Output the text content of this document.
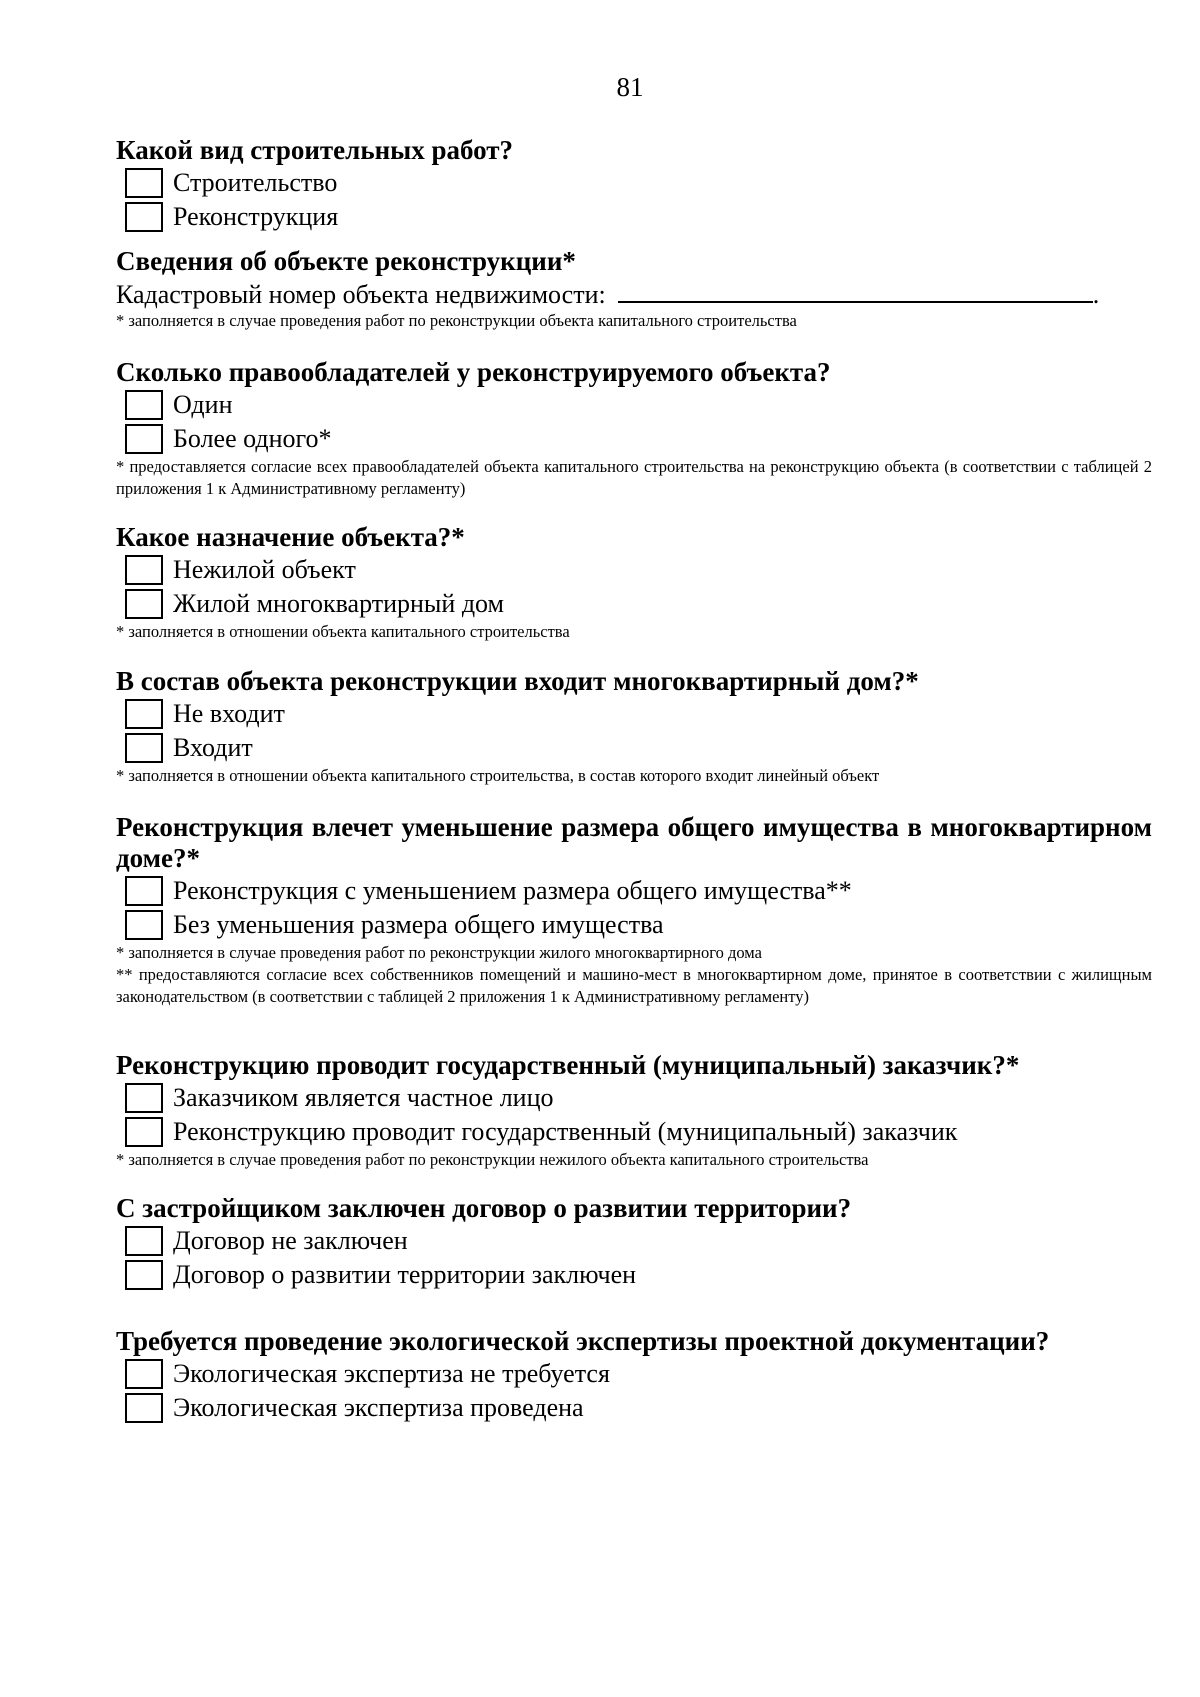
81

Какой вид строительных работ?

Строительство
Реконструкция

Сведения об объекте реконструкции*

Кадастровый номер объекта недвижимости:	.

* заполняется в случае проведения работ по реконструкции объекта капитального строительства

Сколько правообладателей у реконструируемого объекта?

Один
Более одного*

* предоставляется согласие всех правообладателей объекта капитального строительства на реконструкцию объекта (в соответствии с таблицей 2 приложения 1 к Административному регламенту)

Какое назначение объекта?*

Нежилой объект
Жилой многоквартирный дом

* заполняется в отношении объекта капитального строительства

В состав объекта реконструкции входит многоквартирный дом?*

Не входит
Входит

* заполняется в отношении объекта капитального строительства, в состав которого входит линейный объект

Реконструкция влечет уменьшение размера общего имущества в многоквартирном доме?*

Реконструкция с уменьшением размера общего имущества**
Без уменьшения размера общего имущества

* заполняется в случае проведения работ по реконструкции жилого многоквартирного дома

** предоставляются согласие всех собственников помещений и машино-мест в многоквартирном доме, принятое в соответствии с жилищным законодательством (в соответствии с таблицей 2 приложения 1 к Административному регламенту)

Реконструкцию проводит государственный (муниципальный) заказчик?*

Заказчиком является частное лицо
Реконструкцию проводит государственный (муниципальный) заказчик

* заполняется в случае проведения работ по реконструкции нежилого объекта капитального строительства

С застройщиком заключен договор о развитии территории?

Договор не заключен
Договор о развитии территории заключен

Требуется проведение экологической экспертизы проектной документации?

Экологическая экспертиза не требуется
Экологическая экспертиза проведена
